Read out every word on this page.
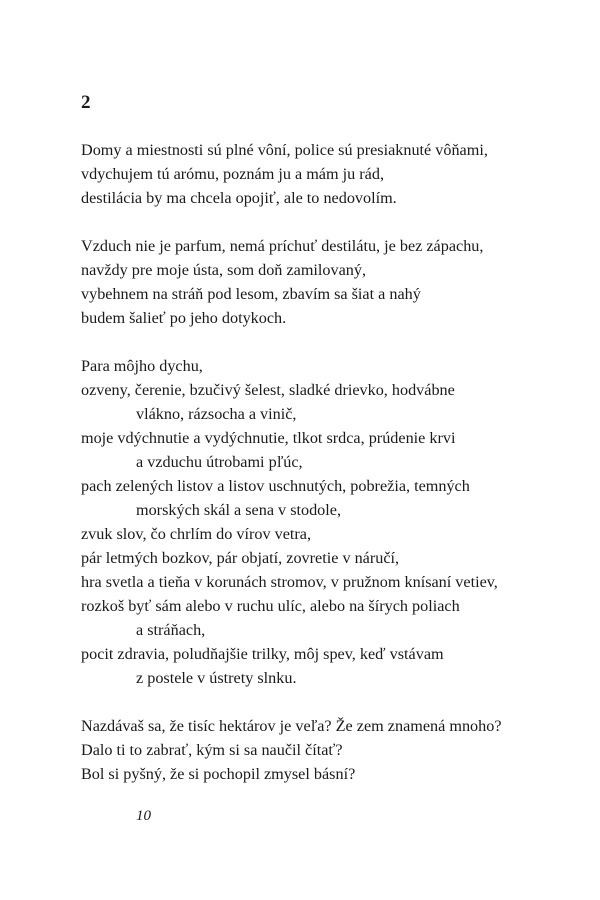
2
Domy a miestnosti sú plné vôní, police sú presiaknuté vôňami,
vdychujem tú arómu, poznám ju a mám ju rád,
destilácia by ma chcela opojiť, ale to nedovolím.
Vzduch nie je parfum, nemá príchuť destilátu, je bez zápachu,
navždy pre moje ústa, som doň zamilovaný,
vybehnem na stráň pod lesom, zbavím sa šiat a nahý
budem šalieť po jeho dotykoch.
Para môjho dychu,
ozveny, čerenie, bzučivý šelest, sladké drievko, hodvábne
vlákno, rázsocha a vinič,
moje vdýchnutie a vydýchnutie, tlkot srdca, prúdenie krvi
a vzduchu útrobami pľúc,
pach zelených listov a listov uschnutých, pobrežia, temných
morských skál a sena v stodole,
zvuk slov, čo chrlím do vírov vetra,
pár letmých bozkov, pár objatí, zovretie v náručí,
hra svetla a tieňa v korunách stromov, v pružnom knísaní vetiev,
rozkoš byť sám alebo v ruchu ulíc, alebo na šírych poliach
a stráňach,
pocit zdravia, poludňajšie trilky, môj spev, keď vstávam
z postele v ústrety slnku.
Nazdávaš sa, že tisíc hektárov je veľa? Že zem znamená mnoho?
Dalo ti to zabrať, kým si sa naučil čítať?
Bol si pyšný, že si pochopil zmysel básní?
10
